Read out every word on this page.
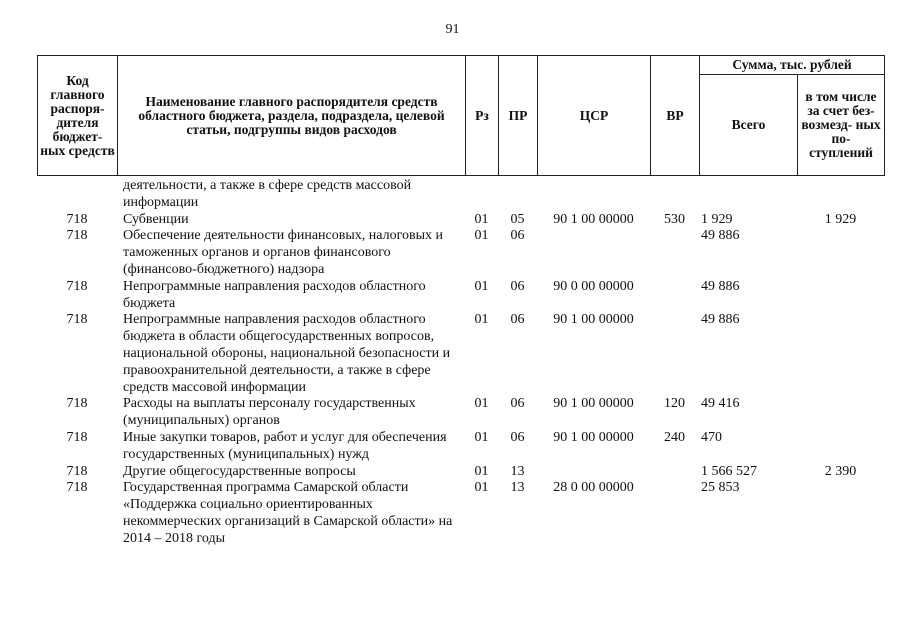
91
Код главного распоря- дителя бюджет- ных средств	Наименование главного распорядителя средств областного бюджета, раздела, подраздела, целевой статьи, подгруппы видов расходов	Рз	ПР	ЦСР	ВР	Сумма, тыс. рублей	
						Всего	в том числе за счет без- возмезд- ных по- ступлений
	деятельности, а также в сфере средств массовой информации						
718	Субвенции	01	05	90 1 00 00000	530	1 929	1 929
718	Обеспечение деятельности финансовых, налоговых и таможенных органов и органов финансового (финансово-бюджетного) надзора	01	06			49 886	
718	Непрограммные направления расходов областного бюджета	01	06	90 0 00 00000		49 886	
718	Непрограммные направления расходов областного бюджета в области общегосударственных вопросов, национальной обороны, национальной безопасности и правоохранительной деятельности, а также в сфере средств массовой информации	01	06	90 1 00 00000		49 886	
718	Расходы на выплаты персоналу государственных (муниципальных) органов	01	06	90 1 00 00000	120	49 416	
718	Иные закупки товаров, работ и услуг для обеспечения государственных (муниципальных) нужд	01	06	90 1 00 00000	240	470	
718	Другие общегосударственные вопросы	01	13			1 566 527	2 390
718	Государственная программа Самарской области «Поддержка социально ориентированных некоммерческих организаций в Самарской области» на 2014 – 2018 годы	01	13	28 0 00 00000		25 853	
